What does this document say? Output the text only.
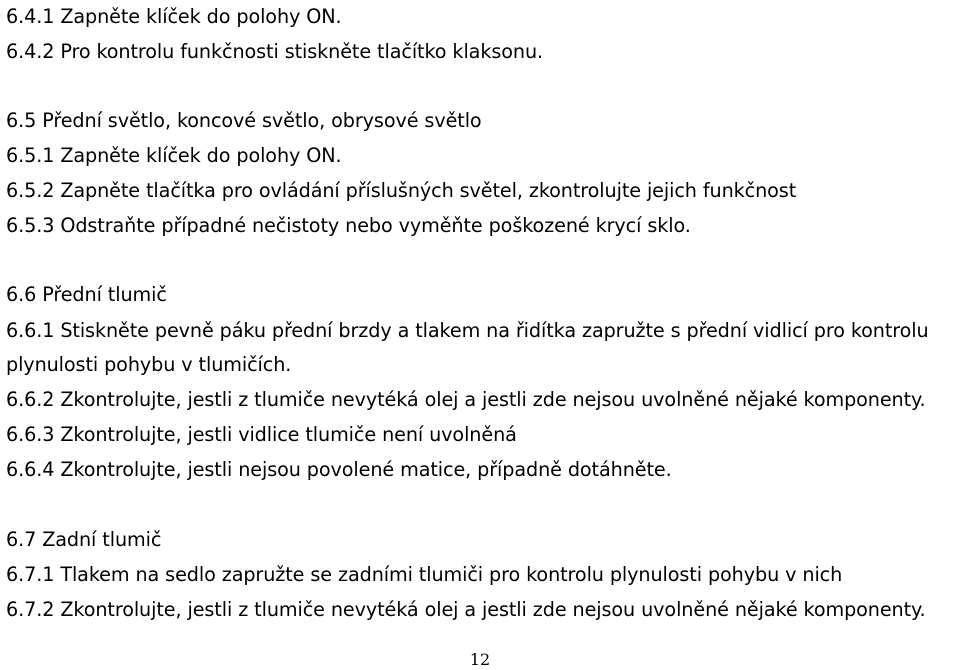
6.4.1 Zapněte klíček do polohy ON.
6.4.2 Pro kontrolu funkčnosti stiskněte tlačítko klaksonu.
6.5 Přední světlo, koncové světlo, obrysové světlo
6.5.1 Zapněte klíček do polohy ON.
6.5.2 Zapněte tlačítka pro ovládání příslušných světel, zkontrolujte jejich funkčnost
6.5.3 Odstraňte případné nečistoty nebo vyměňte poškozené krycí sklo.
6.6 Přední tlumič
6.6.1 Stiskněte pevně páku přední brzdy a tlakem na řidítka zapružte s přední vidlicí pro kontrolu
plynulosti pohybu v tlumičích.
6.6.2 Zkontrolujte, jestli z tlumiče nevytéká olej a jestli zde nejsou uvolněné nějaké komponenty.
6.6.3 Zkontrolujte, jestli vidlice tlumiče není uvolněná
6.6.4 Zkontrolujte, jestli nejsou povolené matice, případně dotáhněte.
6.7 Zadní tlumič
6.7.1 Tlakem na sedlo zapružte se zadními tlumiči pro kontrolu plynulosti pohybu v nich
6.7.2 Zkontrolujte, jestli z tlumiče nevytéká olej a jestli zde nejsou uvolněné nějaké komponenty.
12
